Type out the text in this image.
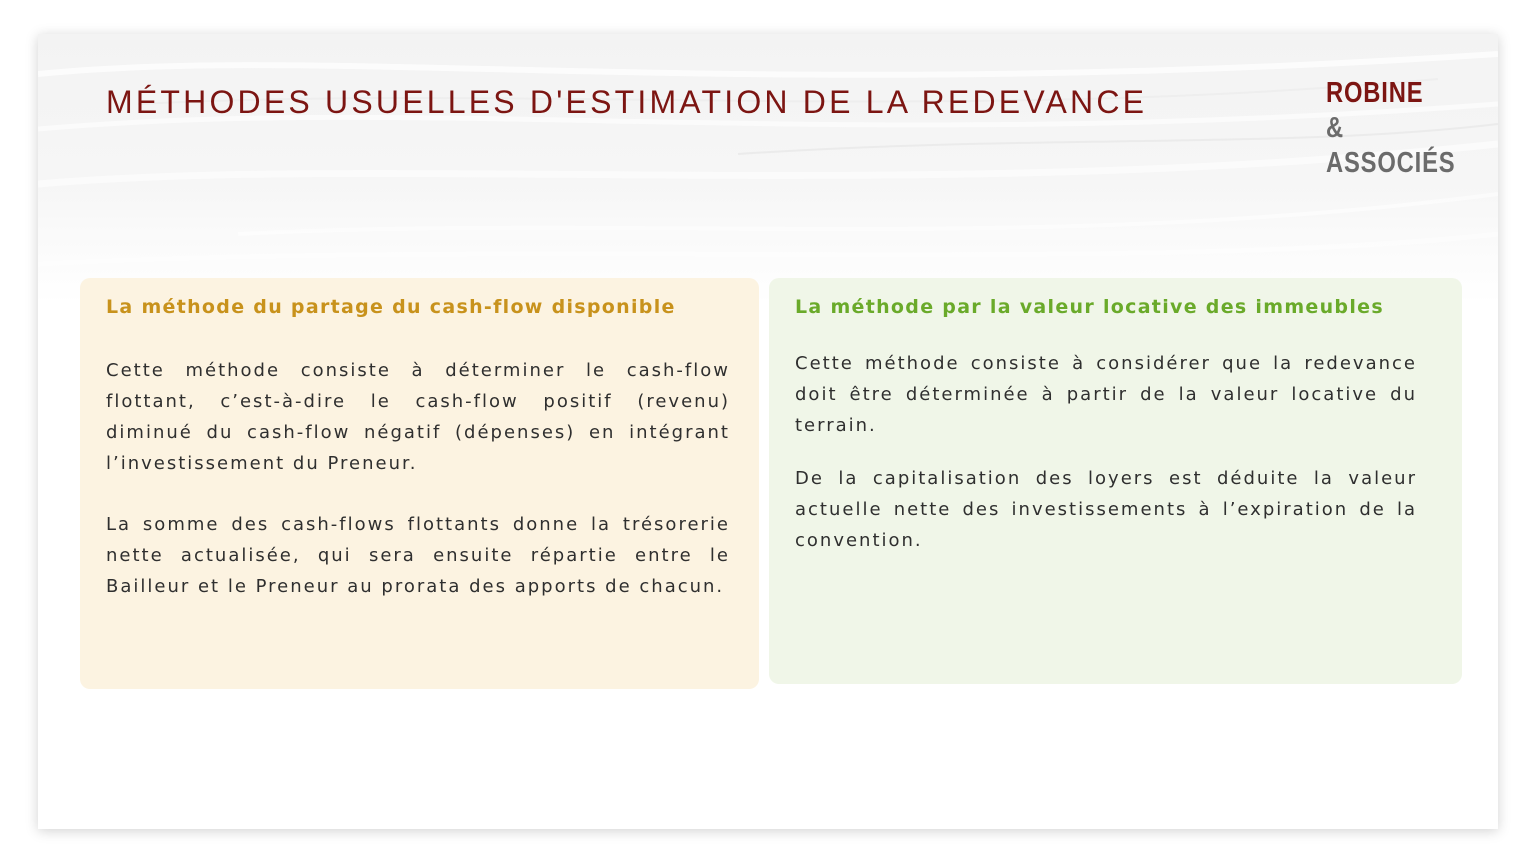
MÉTHODES USUELLES D'ESTIMATION DE LA REDEVANCE	ROBINE
& ASSOCIÉS

La méthode du partage du cash-flow disponible

Cette méthode consiste à déterminer le cash-flow flottant, c’est-à-dire le cash-flow positif (revenu) diminué du cash-flow négatif (dépenses) en intégrant l’investissement du Preneur.

La somme des cash-flows flottants donne la trésorerie nette actualisée, qui sera ensuite répartie entre le Bailleur et le Preneur au prorata des apports de chacun.

La méthode par la valeur locative des immeubles

Cette méthode consiste à considérer que la redevance doit être déterminée à partir de la valeur locative du terrain.

De la capitalisation des loyers est déduite la valeur actuelle nette des investissements à l’expiration de la convention.
